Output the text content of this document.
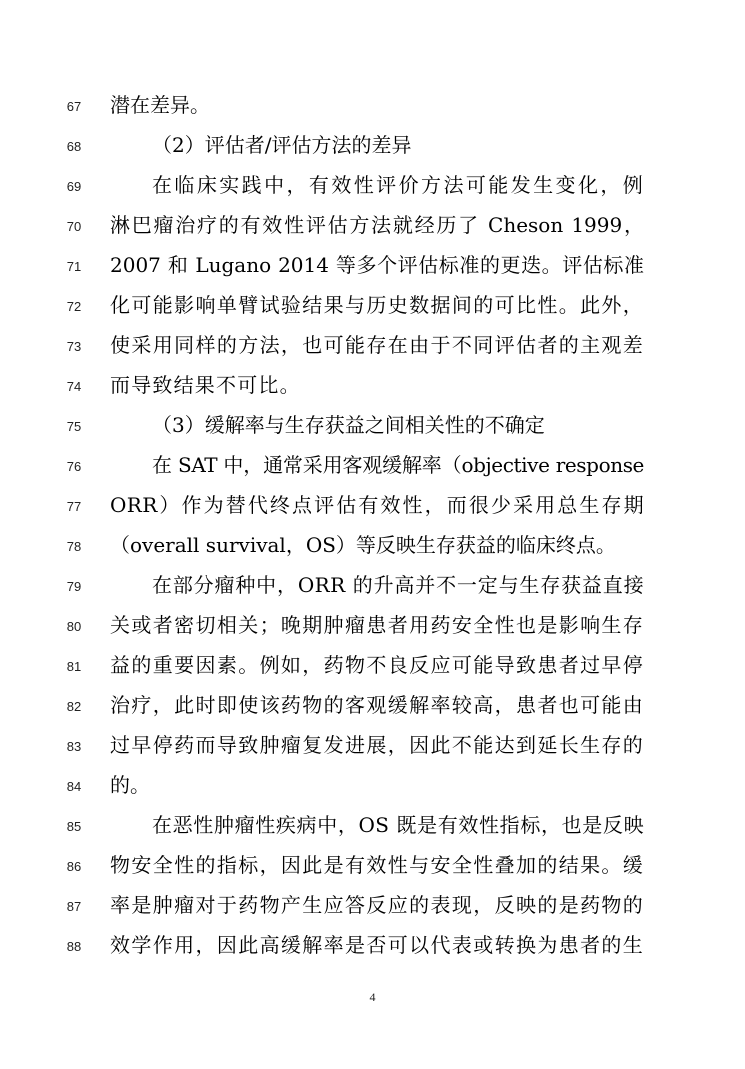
67	潜在差异。
68	（2）评估者/评估方法的差异
69	在临床实践中，有效性评价方法可能发生变化，例
70	淋巴瘤治疗的有效性评估方法就经历了 Cheson 1999，
71	2007 和 Lugano 2014 等多个评估标准的更迭。评估标准
72	化可能影响单臂试验结果与历史数据间的可比性。此外，
73	使采用同样的方法，也可能存在由于不同评估者的主观差
74	而导致结果不可比。
75	（3）缓解率与生存获益之间相关性的不确定
76	在 SAT 中，通常采用客观缓解率（objective response
77	ORR）作为替代终点评估有效性，而很少采用总生存期
78	（overall survival，OS）等反映生存获益的临床终点。
79	在部分瘤种中，ORR 的升高并不一定与生存获益直接
80	关或者密切相关；晚期肿瘤患者用药安全性也是影响生存
81	益的重要因素。例如，药物不良反应可能导致患者过早停
82	治疗，此时即使该药物的客观缓解率较高，患者也可能由
83	过早停药而导致肿瘤复发进展，因此不能达到延长生存的
84	的。
85	在恶性肿瘤性疾病中，OS 既是有效性指标，也是反映
86	物安全性的指标，因此是有效性与安全性叠加的结果。缓
87	率是肿瘤对于药物产生应答反应的表现，反映的是药物的
88	效学作用，因此高缓解率是否可以代表或转换为患者的生
4
